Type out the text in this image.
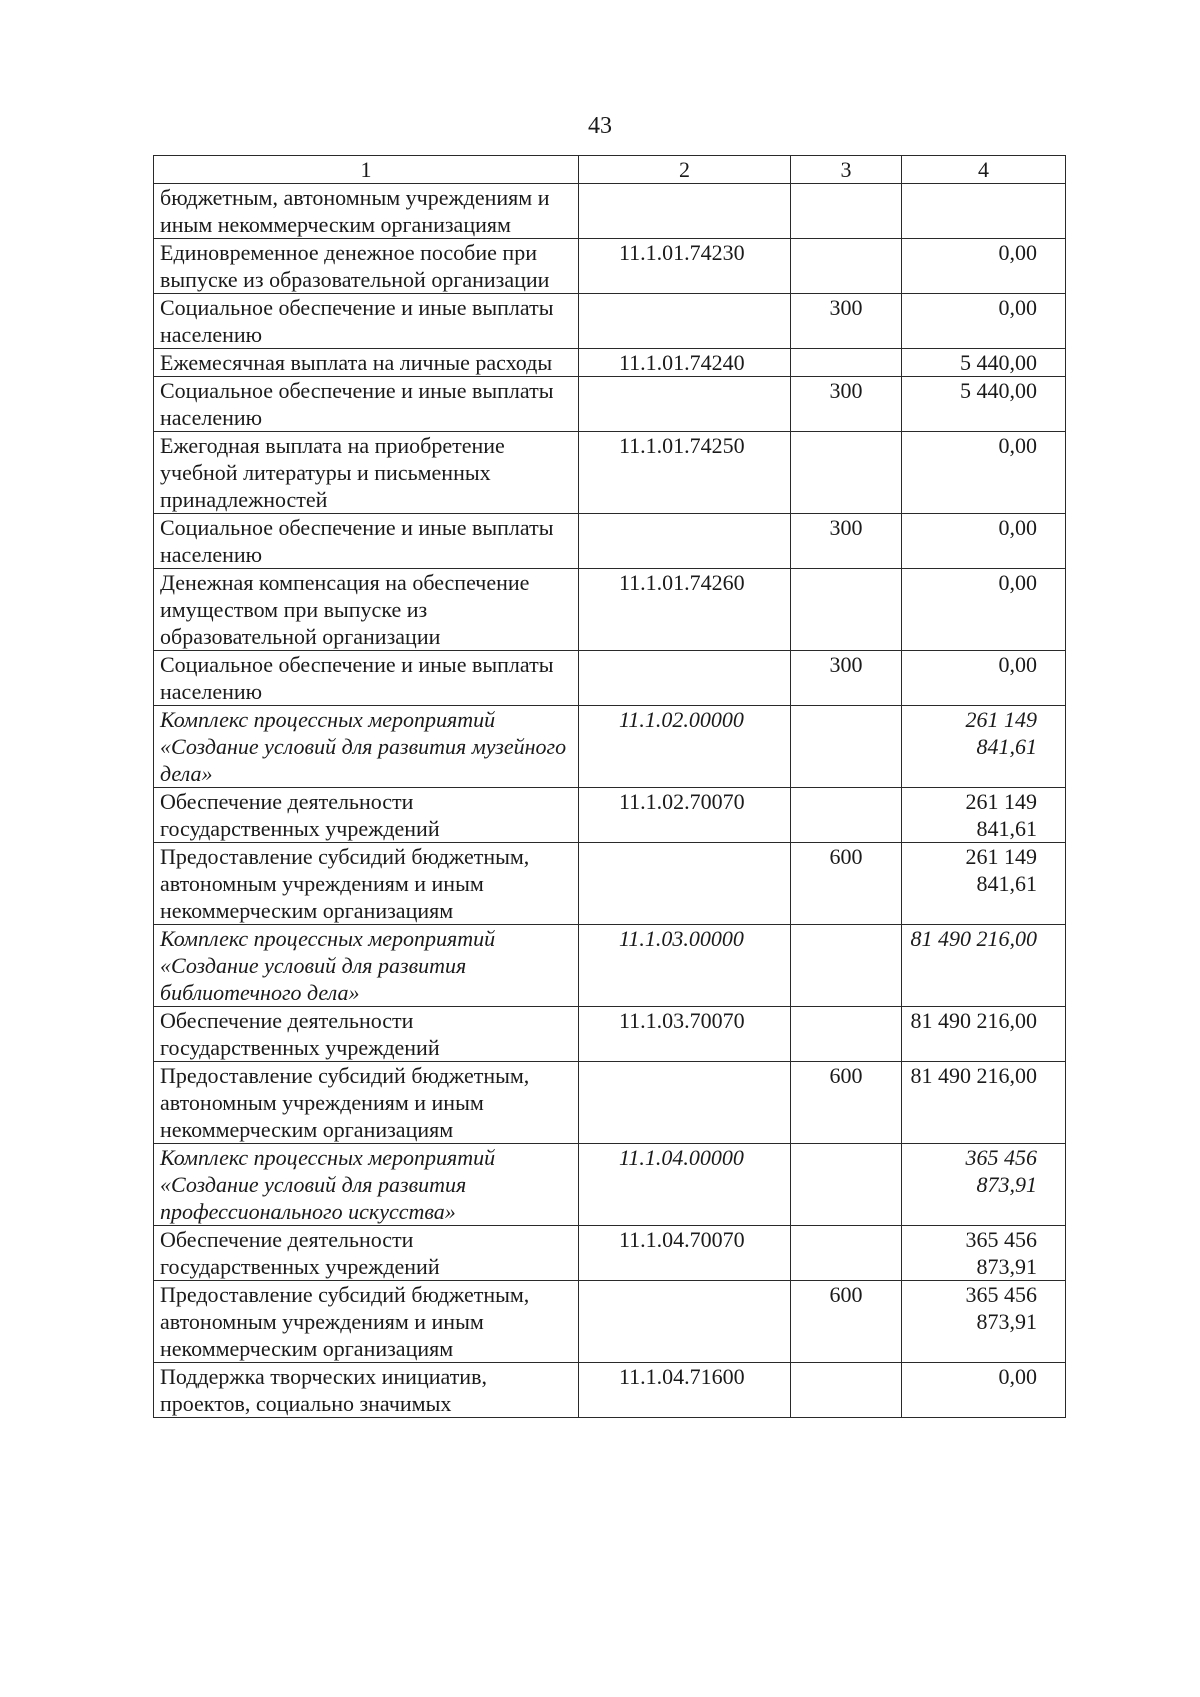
43
1	2	3	4
бюджетным, автономным учреждениям и иным некоммерческим организациям			
Единовременное денежное пособие при выпуске из образовательной организации	11.1.01.74230		0,00
Социальное обеспечение и иные выплаты населению		300	0,00
Ежемесячная выплата на личные расходы	11.1.01.74240		5 440,00
Социальное обеспечение и иные выплаты населению		300	5 440,00
Ежегодная выплата на приобретение учебной литературы и письменных принадлежностей	11.1.01.74250		0,00
Социальное обеспечение и иные выплаты населению		300	0,00
Денежная компенсация на обеспечение имуществом при выпуске из образовательной организации	11.1.01.74260		0,00
Социальное обеспечение и иные выплаты населению		300	0,00
Комплекс процессных мероприятий «Создание условий для развития музейного дела»	11.1.02.00000		261 149 841,61
Обеспечение деятельности государственных учреждений	11.1.02.70070		261 149 841,61
Предоставление субсидий бюджетным, автономным учреждениям и иным некоммерческим организациям		600	261 149 841,61
Комплекс процессных мероприятий «Создание условий для развития библиотечного дела»	11.1.03.00000		81 490 216,00
Обеспечение деятельности государственных учреждений	11.1.03.70070		81 490 216,00
Предоставление субсидий бюджетным, автономным учреждениям и иным некоммерческим организациям		600	81 490 216,00
Комплекс процессных мероприятий «Создание условий для развития профессионального искусства»	11.1.04.00000		365 456 873,91
Обеспечение деятельности государственных учреждений	11.1.04.70070		365 456 873,91
Предоставление субсидий бюджетным, автономным учреждениям и иным некоммерческим организациям		600	365 456 873,91
Поддержка творческих инициатив, проектов, социально значимых	11.1.04.71600		0,00
